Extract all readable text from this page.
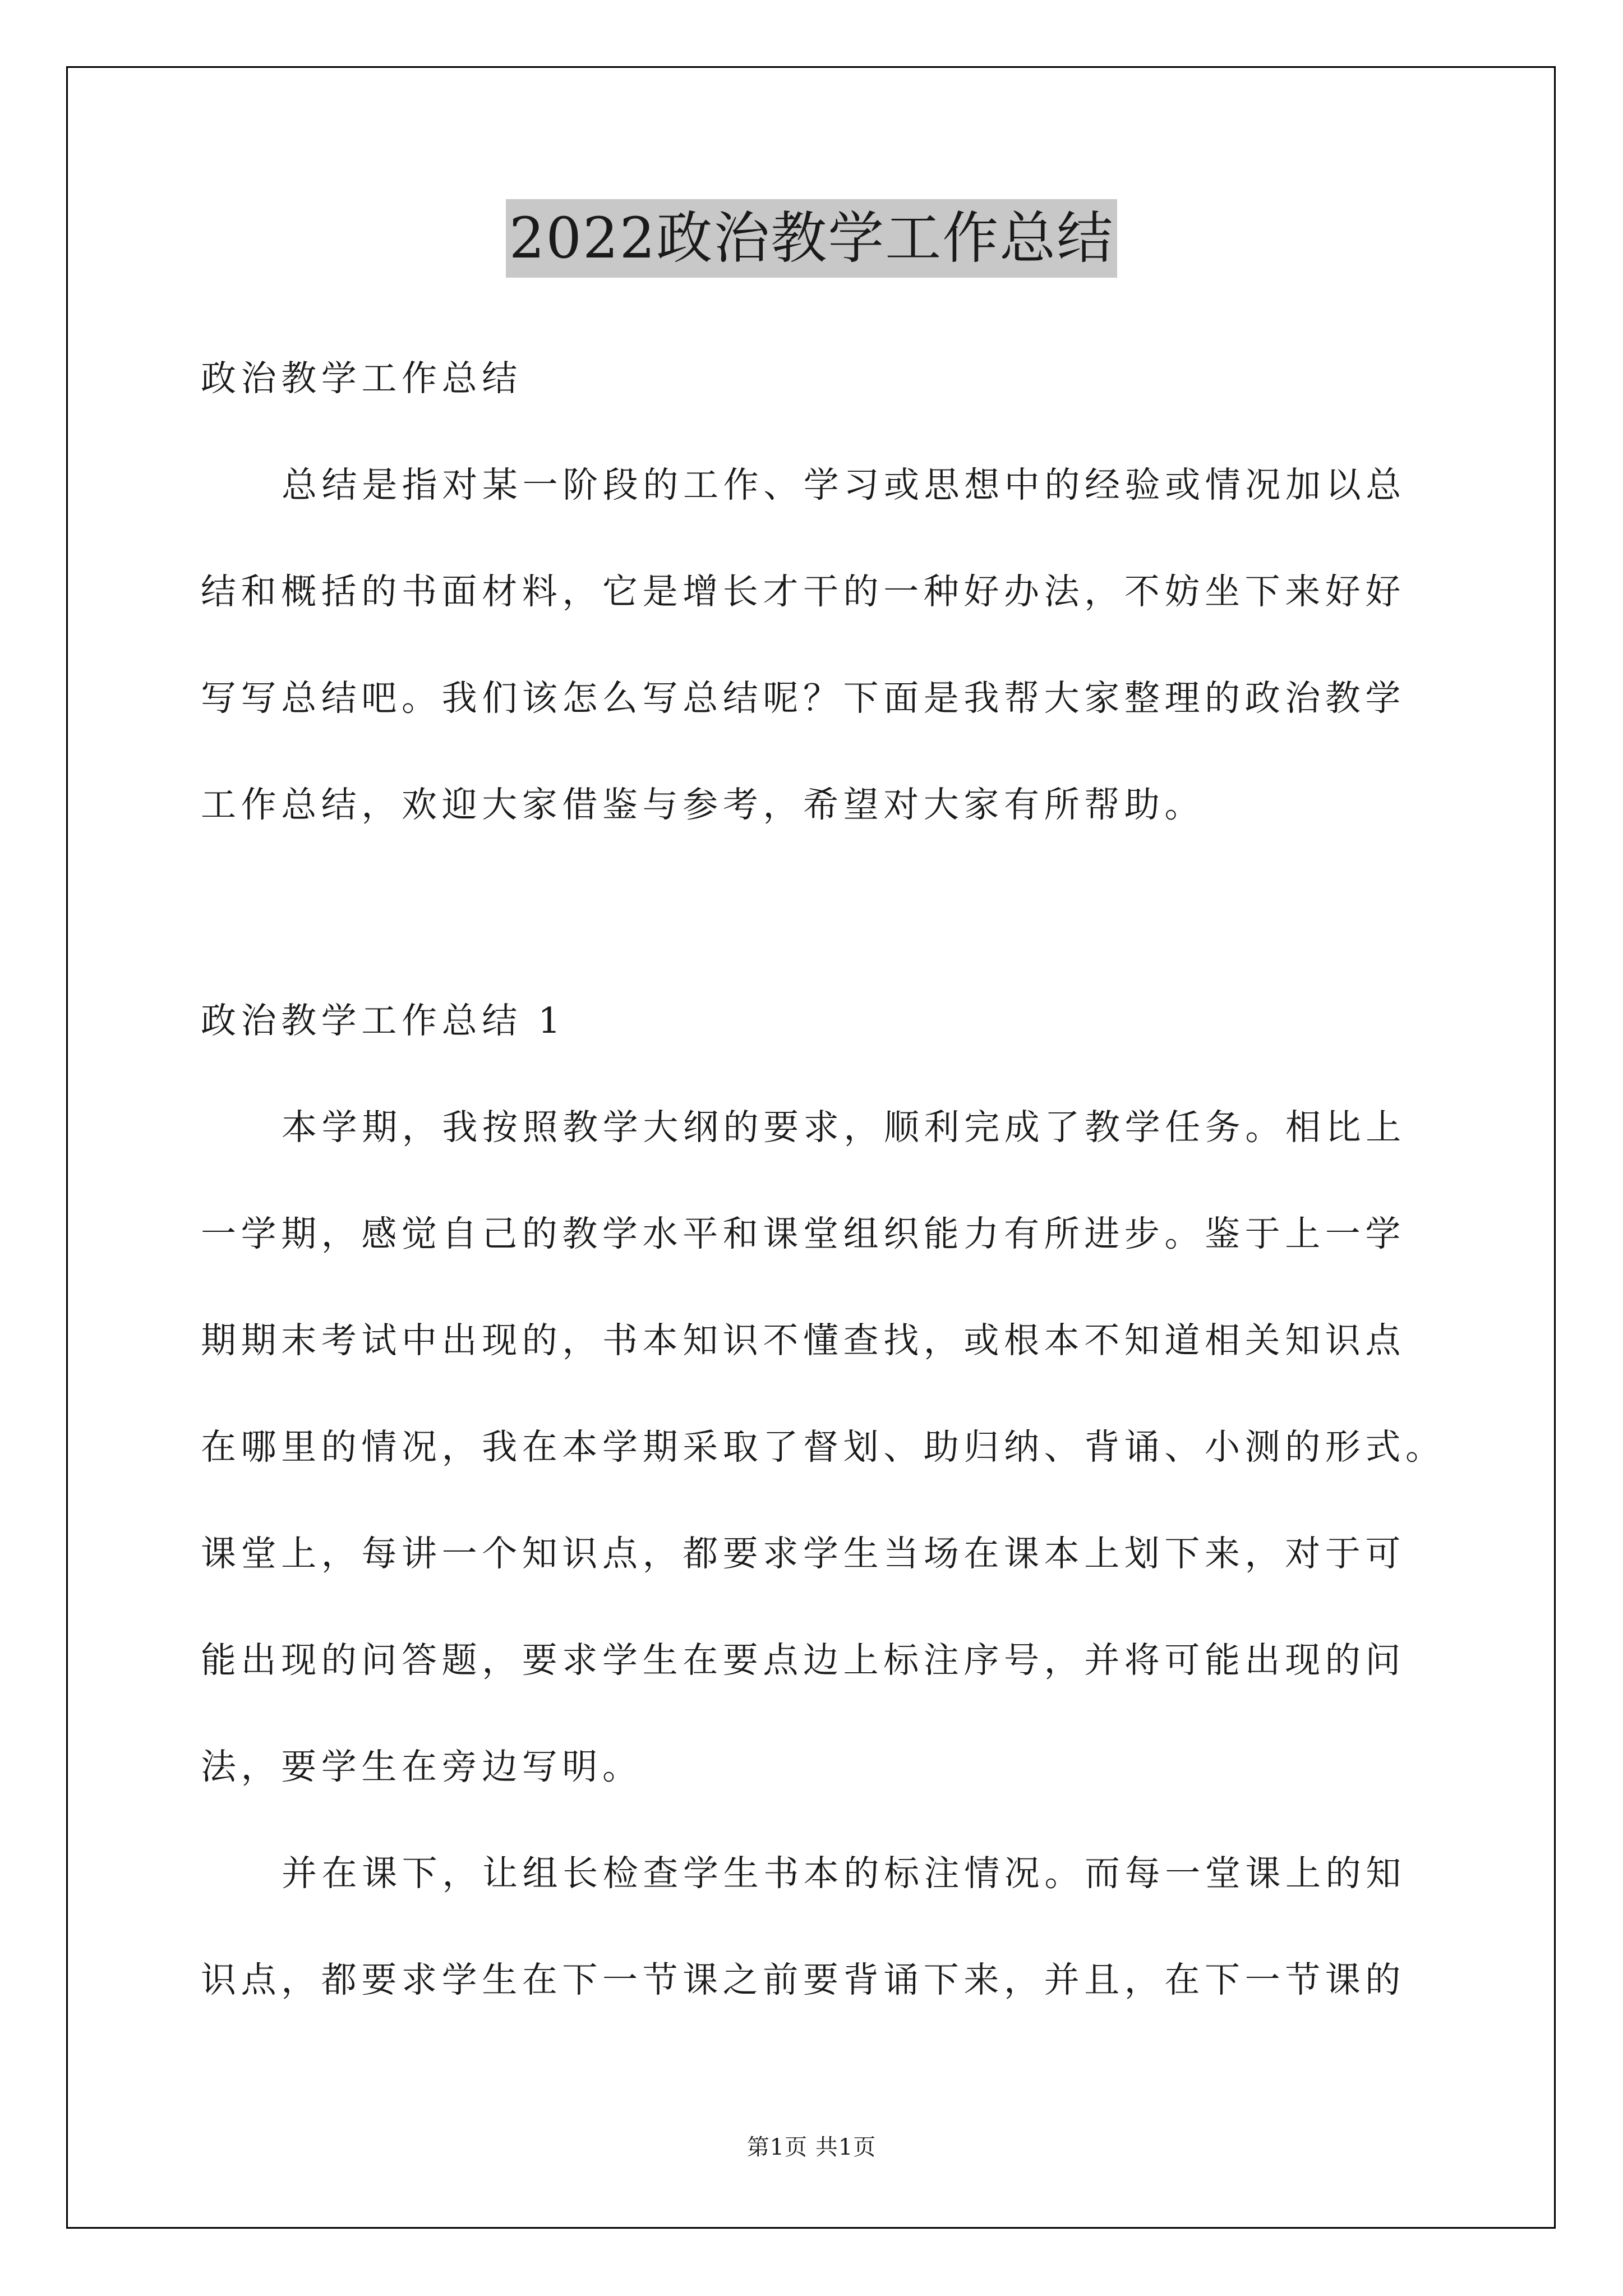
2022政治教学工作总结
政治教学工作总结
总结是指对某一阶段的工作、学习或思想中的经验或情况加以总
结和概括的书面材料，它是增长才干的一种好办法，不妨坐下来好好
写写总结吧。我们该怎么写总结呢？下面是我帮大家整理的政治教学
工作总结，欢迎大家借鉴与参考，希望对大家有所帮助。
政治教学工作总结 1
本学期，我按照教学大纲的要求，顺利完成了教学任务。相比上
一学期，感觉自己的教学水平和课堂组织能力有所进步。鉴于上一学
期期末考试中出现的，书本知识不懂查找，或根本不知道相关知识点
在哪里的情况，我在本学期采取了督划、助归纳、背诵、小测的形式。
课堂上，每讲一个知识点，都要求学生当场在课本上划下来，对于可
能出现的问答题，要求学生在要点边上标注序号，并将可能出现的问
法，要学生在旁边写明。
并在课下，让组长检查学生书本的标注情况。而每一堂课上的知
识点，都要求学生在下一节课之前要背诵下来，并且，在下一节课的
第1页 共1页
